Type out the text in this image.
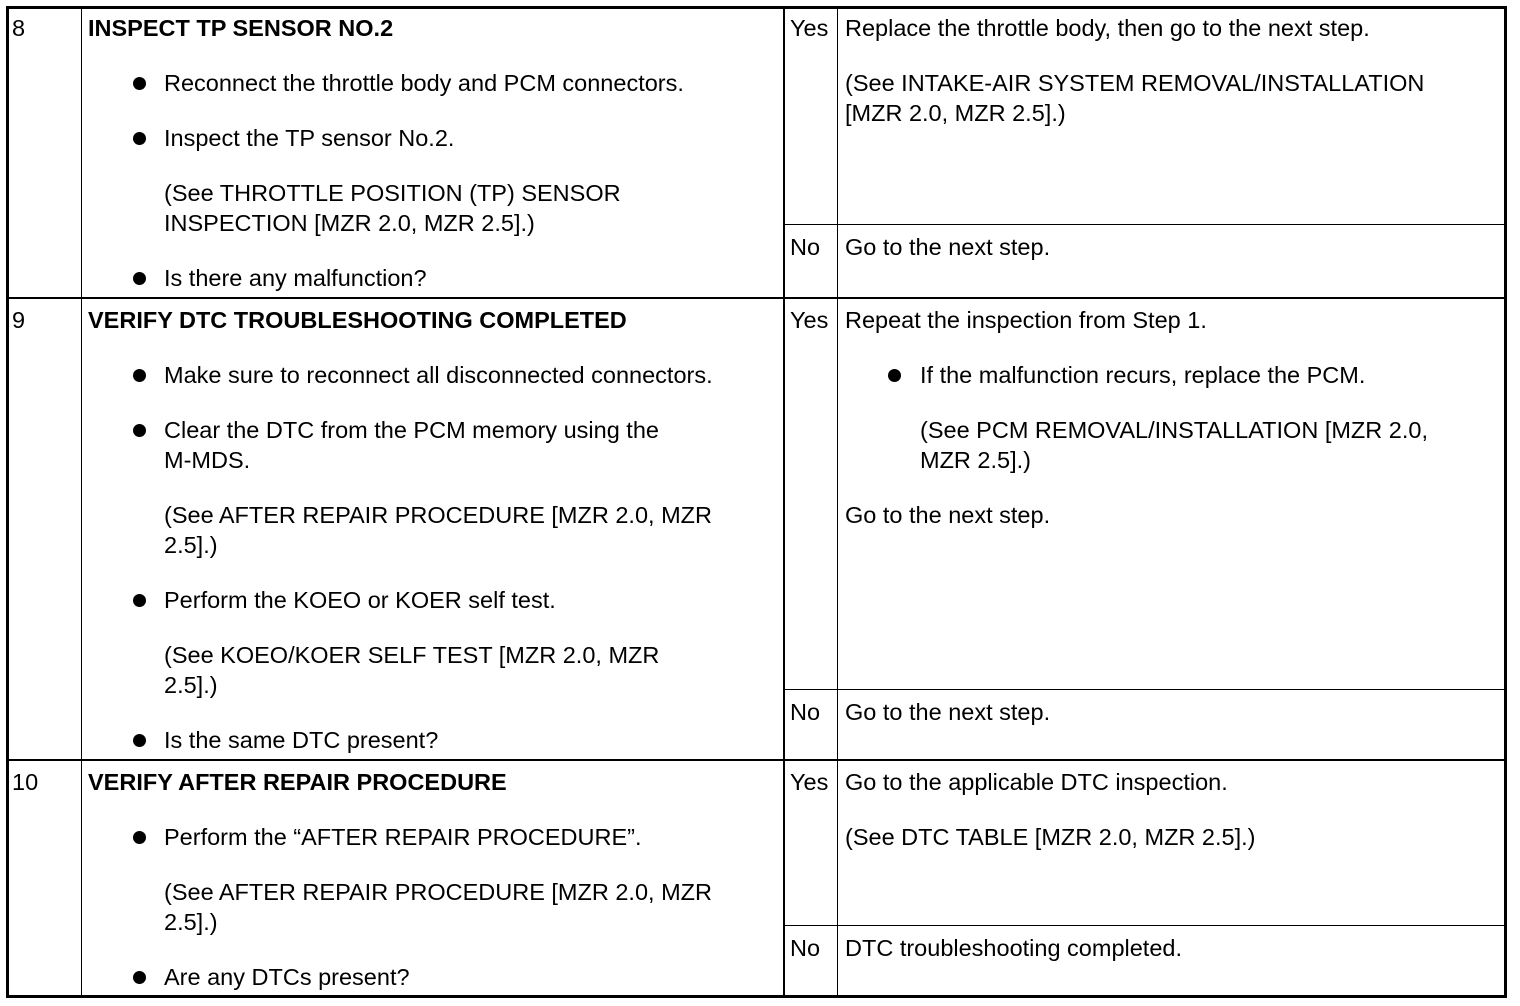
8	INSPECT TP SENSOR NO.2
Reconnect the throttle body and PCM connectors.
Inspect the TP sensor No.2.
(See THROTTLE POSITION (TP) SENSOR
INSPECTION [MZR 2.0, MZR 2.5].)
Is there any malfunction?
Yes Replace the throttle body, then go to the next step.
(See INTAKE-AIR SYSTEM REMOVAL/INSTALLATION
[MZR 2.0, MZR 2.5].)
No Go to the next step.
9	VERIFY DTC TROUBLESHOOTING COMPLETED
Make sure to reconnect all disconnected connectors.
Clear the DTC from the PCM memory using the
M-MDS.
(See AFTER REPAIR PROCEDURE [MZR 2.0, MZR
2.5].)
Perform the KOEO or KOER self test.
(See KOEO/KOER SELF TEST [MZR 2.0, MZR
2.5].)
Is the same DTC present?
Yes Repeat the inspection from Step 1.
If the malfunction recurs, replace the PCM.
(See PCM REMOVAL/INSTALLATION [MZR 2.0,
MZR 2.5].)
Go to the next step.
No Go to the next step.
10 VERIFY AFTER REPAIR PROCEDURE
Perform the “AFTER REPAIR PROCEDURE”.
(See AFTER REPAIR PROCEDURE [MZR 2.0, MZR
2.5].)
Are any DTCs present?
Yes Go to the applicable DTC inspection.
(See DTC TABLE [MZR 2.0, MZR 2.5].)
No DTC troubleshooting completed.
